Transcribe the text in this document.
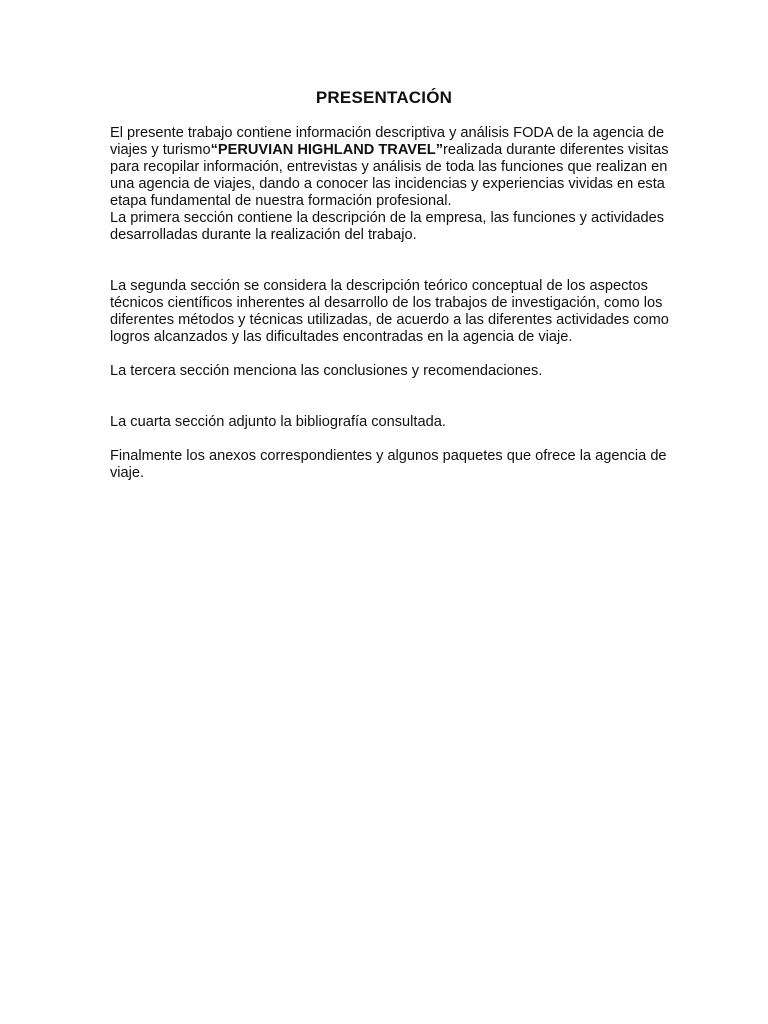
PRESENTACIÓN

El presente trabajo contiene información descriptiva y análisis FODA de la agencia de viajes y turismo“PERUVIAN HIGHLAND TRAVEL”realizada durante diferentes visitas para recopilar información, entrevistas y análisis de toda las funciones que realizan en una agencia de viajes, dando a conocer las incidencias y experiencias vividas en esta etapa fundamental de nuestra formación profesional.

La primera sección contiene la descripción de la empresa, las funciones y actividades desarrolladas durante la realización del trabajo.

La segunda sección se considera la descripción teórico conceptual de los aspectos técnicos científicos inherentes al desarrollo de los trabajos de investigación, como los diferentes métodos y técnicas utilizadas, de acuerdo a las diferentes actividades como logros alcanzados y las dificultades encontradas en la agencia de viaje.

La tercera sección menciona las conclusiones y recomendaciones.

La cuarta sección adjunto la bibliografía consultada.

Finalmente los anexos correspondientes y algunos paquetes que ofrece la agencia de viaje.
